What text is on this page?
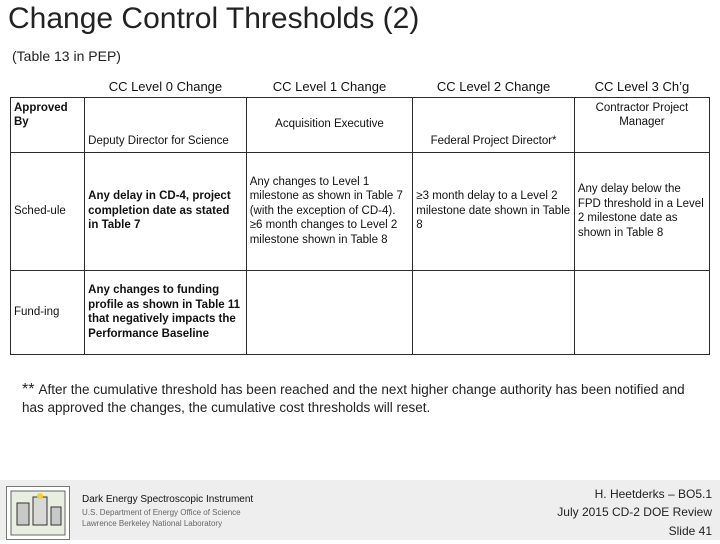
Change Control Thresholds (2)
(Table 13 in PEP)
	CC Level 0 Change	CC Level 1 Change	CC Level 2 Change	CC Level 3 Ch’g
Approved By	Deputy Director for Science	Acquisition Executive	Federal Project Director*	Contractor Project Manager
Sched-ule	Any delay in CD-4, project completion date as stated in Table 7	Any changes to Level 1 milestone as shown in Table 7 (with the exception of CD-4). ≥6 month changes to Level 2 milestone shown in Table 8	≥3 month delay to a Level 2 milestone date shown in Table 8	Any delay below the FPD threshold in a Level 2 milestone date as shown in Table 8
Fund-ing	Any changes to funding profile as shown in Table 11 that negatively impacts the Performance Baseline			
** After the cumulative threshold has been reached and the next higher change authority has been notified and has approved the changes, the cumulative cost thresholds will reset.
Dark Energy Spectroscopic Instrument
U.S. Department of Energy Office of Science
Lawrence Berkeley National Laboratory
H. Heetderks – BO5.1
July 2015 CD-2 DOE Review
Slide 41
